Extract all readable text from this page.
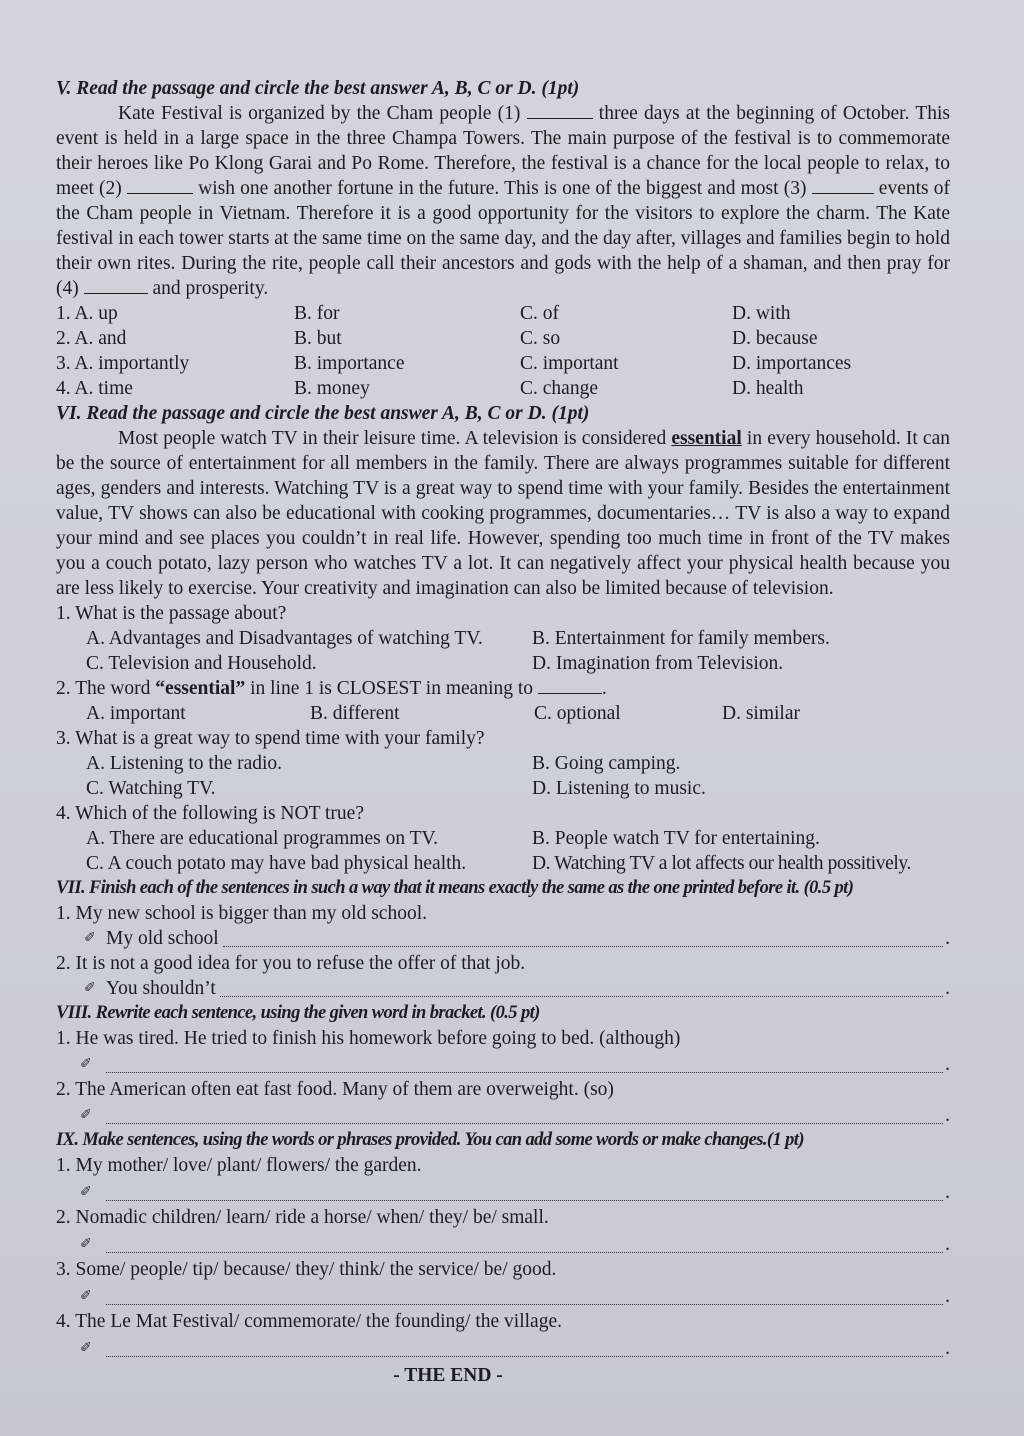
V. Read the passage and circle the best answer A, B, C or D. (1pt)

Kate Festival is organized by the Cham people (1)	three days at the beginning of October. This event is held in a large space in the three Champa Towers. The main purpose of the festival is to commemorate their heroes like Po Klong Garai and Po Rome. Therefore, the festival is a chance for the local people to relax, to meet (2)	wish one another fortune in the future. This is one of the biggest and most (3)	events of the Cham people in Vietnam. Therefore it is a good opportunity for the visitors to explore the charm. The Kate festival in each tower starts at the same time on the same day, and the day after, villages and families begin to hold their own rites. During the rite, people call their ancestors and gods with the help of a shaman, and then pray for (4)	and prosperity.

1. A. up	B. for	C. of	D. with
2. A. and	B. but	C. so	D. because
3. A. importantly	B. importance	C. important	D. importances
4. A. time	B. money	C. change	D. health

VI. Read the passage and circle the best answer A, B, C or D. (1pt)

Most people watch TV in their leisure time. A television is considered essential in every household. It can be the source of entertainment for all members in the family. There are always programmes suitable for different ages, genders and interests. Watching TV is a great way to spend time with your family. Besides the entertainment value, TV shows can also be educational with cooking programmes, documentaries… TV is also a way to expand your mind and see places you couldn’t in real life. However, spending too much time in front of the TV makes you a couch potato, lazy person who watches TV a lot. It can negatively affect your physical health because you are less likely to exercise. Your creativity and imagination can also be limited because of television.

1. What is the passage about?

A. Advantages and Disadvantages of watching TV.	B. Entertainment for family members.
C. Television and Household.	D. Imagination from Television.

2. The word “essential” in line 1 is CLOSEST in meaning to	.

A. important	B. different	C. optional	D. similar

3. What is a great way to spend time with your family?

A. Listening to the radio.	B. Going camping.
C. Watching TV.	D. Listening to music.

4. Which of the following is NOT true?

A. There are educational programmes on TV.	B. People watch TV for entertaining.
C. A couch potato may have bad physical health.	D. Watching TV a lot affects our health possitively.

VII. Finish each of the sentences in such a way that it means exactly the same as the one printed before it. (0.5 pt)

1. My new school is bigger than my old school.

✐ My old school	.

2. It is not a good idea for you to refuse the offer of that job.

✐ You shouldn’t	.

VIII. Rewrite each sentence, using the given word in bracket. (0.5 pt)

1. He was tired. He tried to finish his homework before going to bed. (although)

✐	.

2. The American often eat fast food. Many of them are overweight. (so)

✐	.

IX. Make sentences, using the words or phrases provided. You can add some words or make changes.(1 pt)

1. My mother/ love/ plant/ flowers/ the garden.

✐	.

2. Nomadic children/ learn/ ride a horse/ when/ they/ be/ small.

✐	.

3. Some/ people/ tip/ because/ they/ think/ the service/ be/ good.

✐	.

4. The Le Mat Festival/ commemorate/ the founding/ the village.

✐	.

- THE END -
